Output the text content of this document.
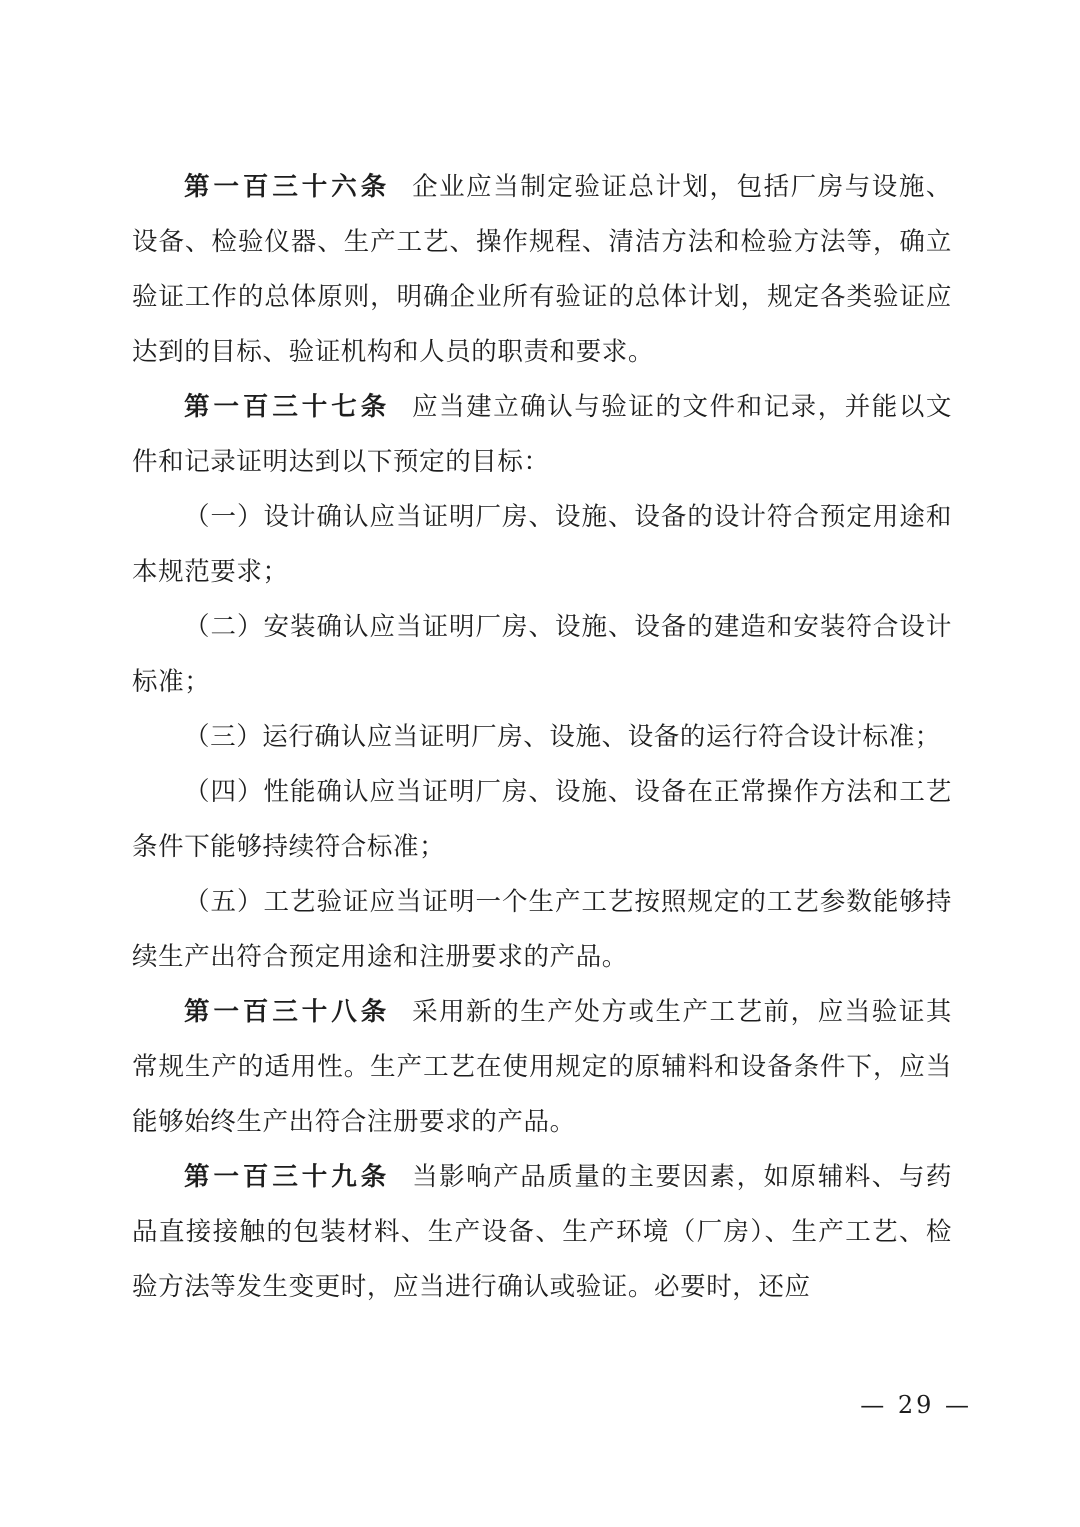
第一百三十六条 企业应当制定验证总计划，包括厂房与设施、设备、检验仪器、生产工艺、操作规程、清洁方法和检验方法等，确立验证工作的总体原则，明确企业所有验证的总体计划，规定各类验证应达到的目标、验证机构和人员的职责和要求。

第一百三十七条 应当建立确认与验证的文件和记录，并能以文件和记录证明达到以下预定的目标：

（一）设计确认应当证明厂房、设施、设备的设计符合预定用途和本规范要求；

（二）安装确认应当证明厂房、设施、设备的建造和安装符合设计标准；

（三）运行确认应当证明厂房、设施、设备的运行符合设计标准；

（四）性能确认应当证明厂房、设施、设备在正常操作方法和工艺条件下能够持续符合标准；

（五）工艺验证应当证明一个生产工艺按照规定的工艺参数能够持续生产出符合预定用途和注册要求的产品。

第一百三十八条 采用新的生产处方或生产工艺前，应当验证其常规生产的适用性。生产工艺在使用规定的原辅料和设备条件下，应当能够始终生产出符合注册要求的产品。

第一百三十九条 当影响产品质量的主要因素，如原辅料、与药品直接接触的包装材料、生产设备、生产环境（厂房）、生产工艺、检验方法等发生变更时，应当进行确认或验证。必要时，还应

— 29 —
